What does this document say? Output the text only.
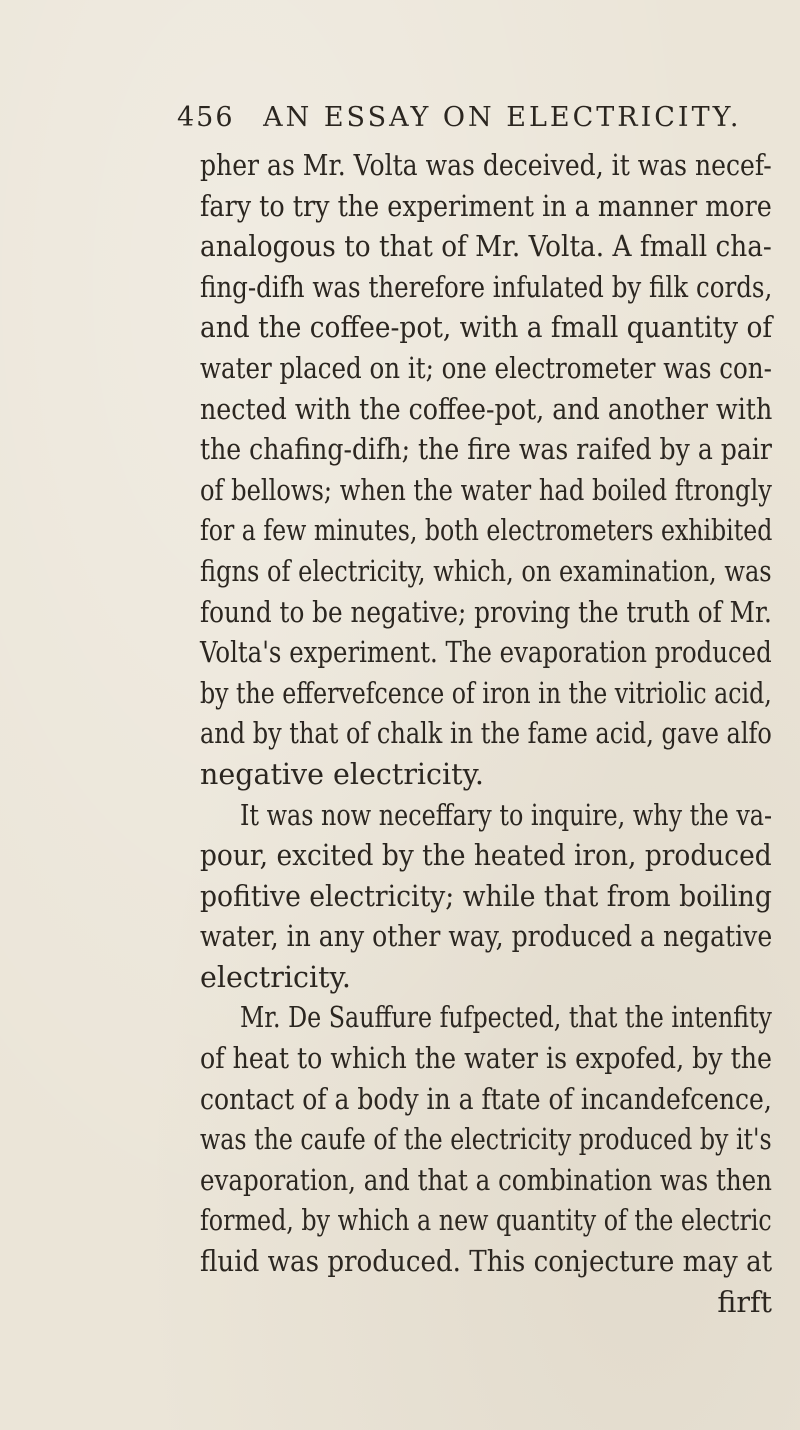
456 AN ESSAY ON ELECTRICITY.
pher as Mr. Volta was deceived, it was necef-
fary to try the experiment in a manner more
analogous to that of Mr. Volta. A fmall cha-
fing-difh was therefore infulated by filk cords,
and the coffee-pot, with a fmall quantity of
water placed on it; one electrometer was con-
nected with the coffee-pot, and another with
the chafing-difh; the fire was raifed by a pair
of bellows; when the water had boiled ftrongly
for a few minutes, both electrometers exhibited
figns of electricity, which, on examination, was
found to be negative; proving the truth of Mr.
Volta's experiment. The evaporation produced
by the effervefcence of iron in the vitriolic acid,
and by that of chalk in the fame acid, gave alfo
negative electricity.
It was now neceffary to inquire, why the va-
pour, excited by the heated iron, produced
pofitive electricity; while that from boiling
water, in any other way, produced a negative
electricity.
Mr. De Sauffure fufpected, that the intenfity
of heat to which the water is expofed, by the
contact of a body in a ftate of incandefcence,
was the caufe of the electricity produced by it's
evaporation, and that a combination was then
formed, by which a new quantity of the electric
fluid was produced. This conjecture may at
firft
